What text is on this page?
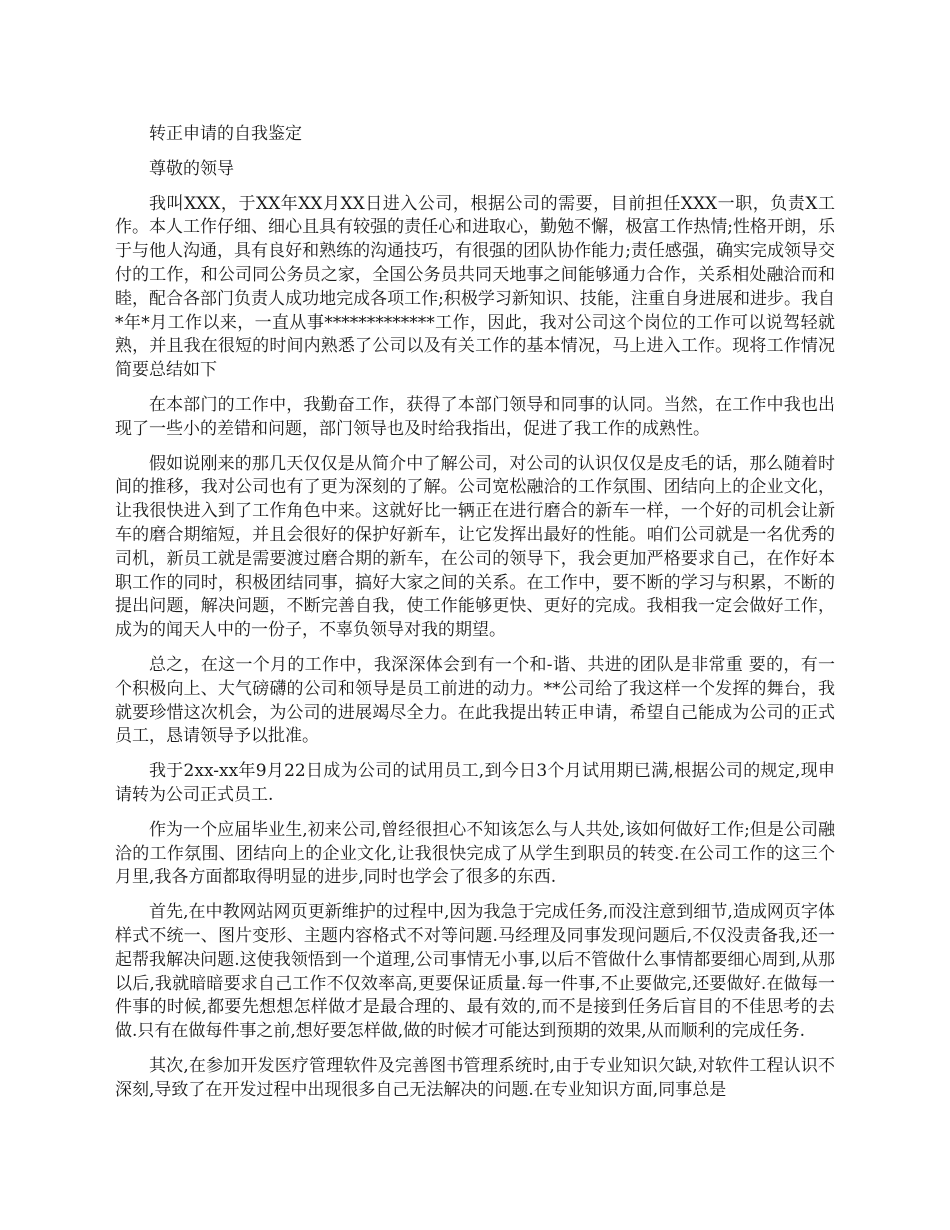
转正申请的自我鉴定

尊敬的领导

我叫XXX，于XX年XX月XX日进入公司，根据公司的需要，目前担任XXX一职，负责X工作。本人工作仔细、细心且具有较强的责任心和进取心，勤勉不懈，极富工作热情;性格开朗，乐于与他人沟通，具有良好和熟练的沟通技巧，有很强的团队协作能力;责任感强，确实完成领导交付的工作，和公司同公务员之家，全国公务员共同天地事之间能够通力合作，关系相处融洽而和睦，配合各部门负责人成功地完成各项工作;积极学习新知识、技能，注重自身进展和进步。我自*年*月工作以来，一直从事*************工作，因此，我对公司这个岗位的工作可以说驾轻就熟，并且我在很短的时间内熟悉了公司以及有关工作的基本情况，马上进入工作。现将工作情况简要总结如下

在本部门的工作中，我勤奋工作，获得了本部门领导和同事的认同。当然，在工作中我也出现了一些小的差错和问题，部门领导也及时给我指出，促进了我工作的成熟性。

假如说刚来的那几天仅仅是从简介中了解公司，对公司的认识仅仅是皮毛的话，那么随着时间的推移，我对公司也有了更为深刻的了解。公司宽松融洽的工作氛围、团结向上的企业文化，让我很快进入到了工作角色中来。这就好比一辆正在进行磨合的新车一样，一个好的司机会让新车的磨合期缩短，并且会很好的保护好新车，让它发挥出最好的性能。咱们公司就是一名优秀的司机，新员工就是需要渡过磨合期的新车，在公司的领导下，我会更加严格要求自己，在作好本职工作的同时，积极团结同事，搞好大家之间的关系。在工作中，要不断的学习与积累，不断的提出问题，解决问题，不断完善自我，使工作能够更快、更好的完成。我相我一定会做好工作，成为的闻天人中的一份子，不辜负领导对我的期望。

总之，在这一个月的工作中，我深深体会到有一个和-谐、共进的团队是非常重 要的，有一个积极向上、大气磅礴的公司和领导是员工前进的动力。**公司给了我这样一个发挥的舞台，我就要珍惜这次机会，为公司的进展竭尽全力。在此我提出转正申请，希望自己能成为公司的正式员工，恳请领导予以批准。

我于2xx-xx年9月22日成为公司的试用员工,到今日3个月试用期已满,根据公司的规定,现申请转为公司正式员工.

作为一个应届毕业生,初来公司,曾经很担心不知该怎么与人共处,该如何做好工作;但是公司融洽的工作氛围、团结向上的企业文化,让我很快完成了从学生到职员的转变.在公司工作的这三个月里,我各方面都取得明显的进步,同时也学会了很多的东西.

首先,在中教网站网页更新维护的过程中,因为我急于完成任务,而没注意到细节,造成网页字体样式不统一、图片变形、主题内容格式不对等问题.马经理及同事发现问题后,不仅没责备我,还一起帮我解决问题.这使我领悟到一个道理,公司事情无小事,以后不管做什么事情都要细心周到,从那以后,我就暗暗要求自己工作不仅效率高,更要保证质量.每一件事,不止要做完,还要做好.在做每一件事的时候,都要先想想怎样做才是最合理的、最有效的,而不是接到任务后盲目的不佳思考的去做.只有在做每件事之前,想好要怎样做,做的时候才可能达到预期的效果,从而顺利的完成任务.

其次,在参加开发医疗管理软件及完善图书管理系统时,由于专业知识欠缺,对软件工程认识不深刻,导致了在开发过程中出现很多自己无法解决的问题.在专业知识方面,同事总是
